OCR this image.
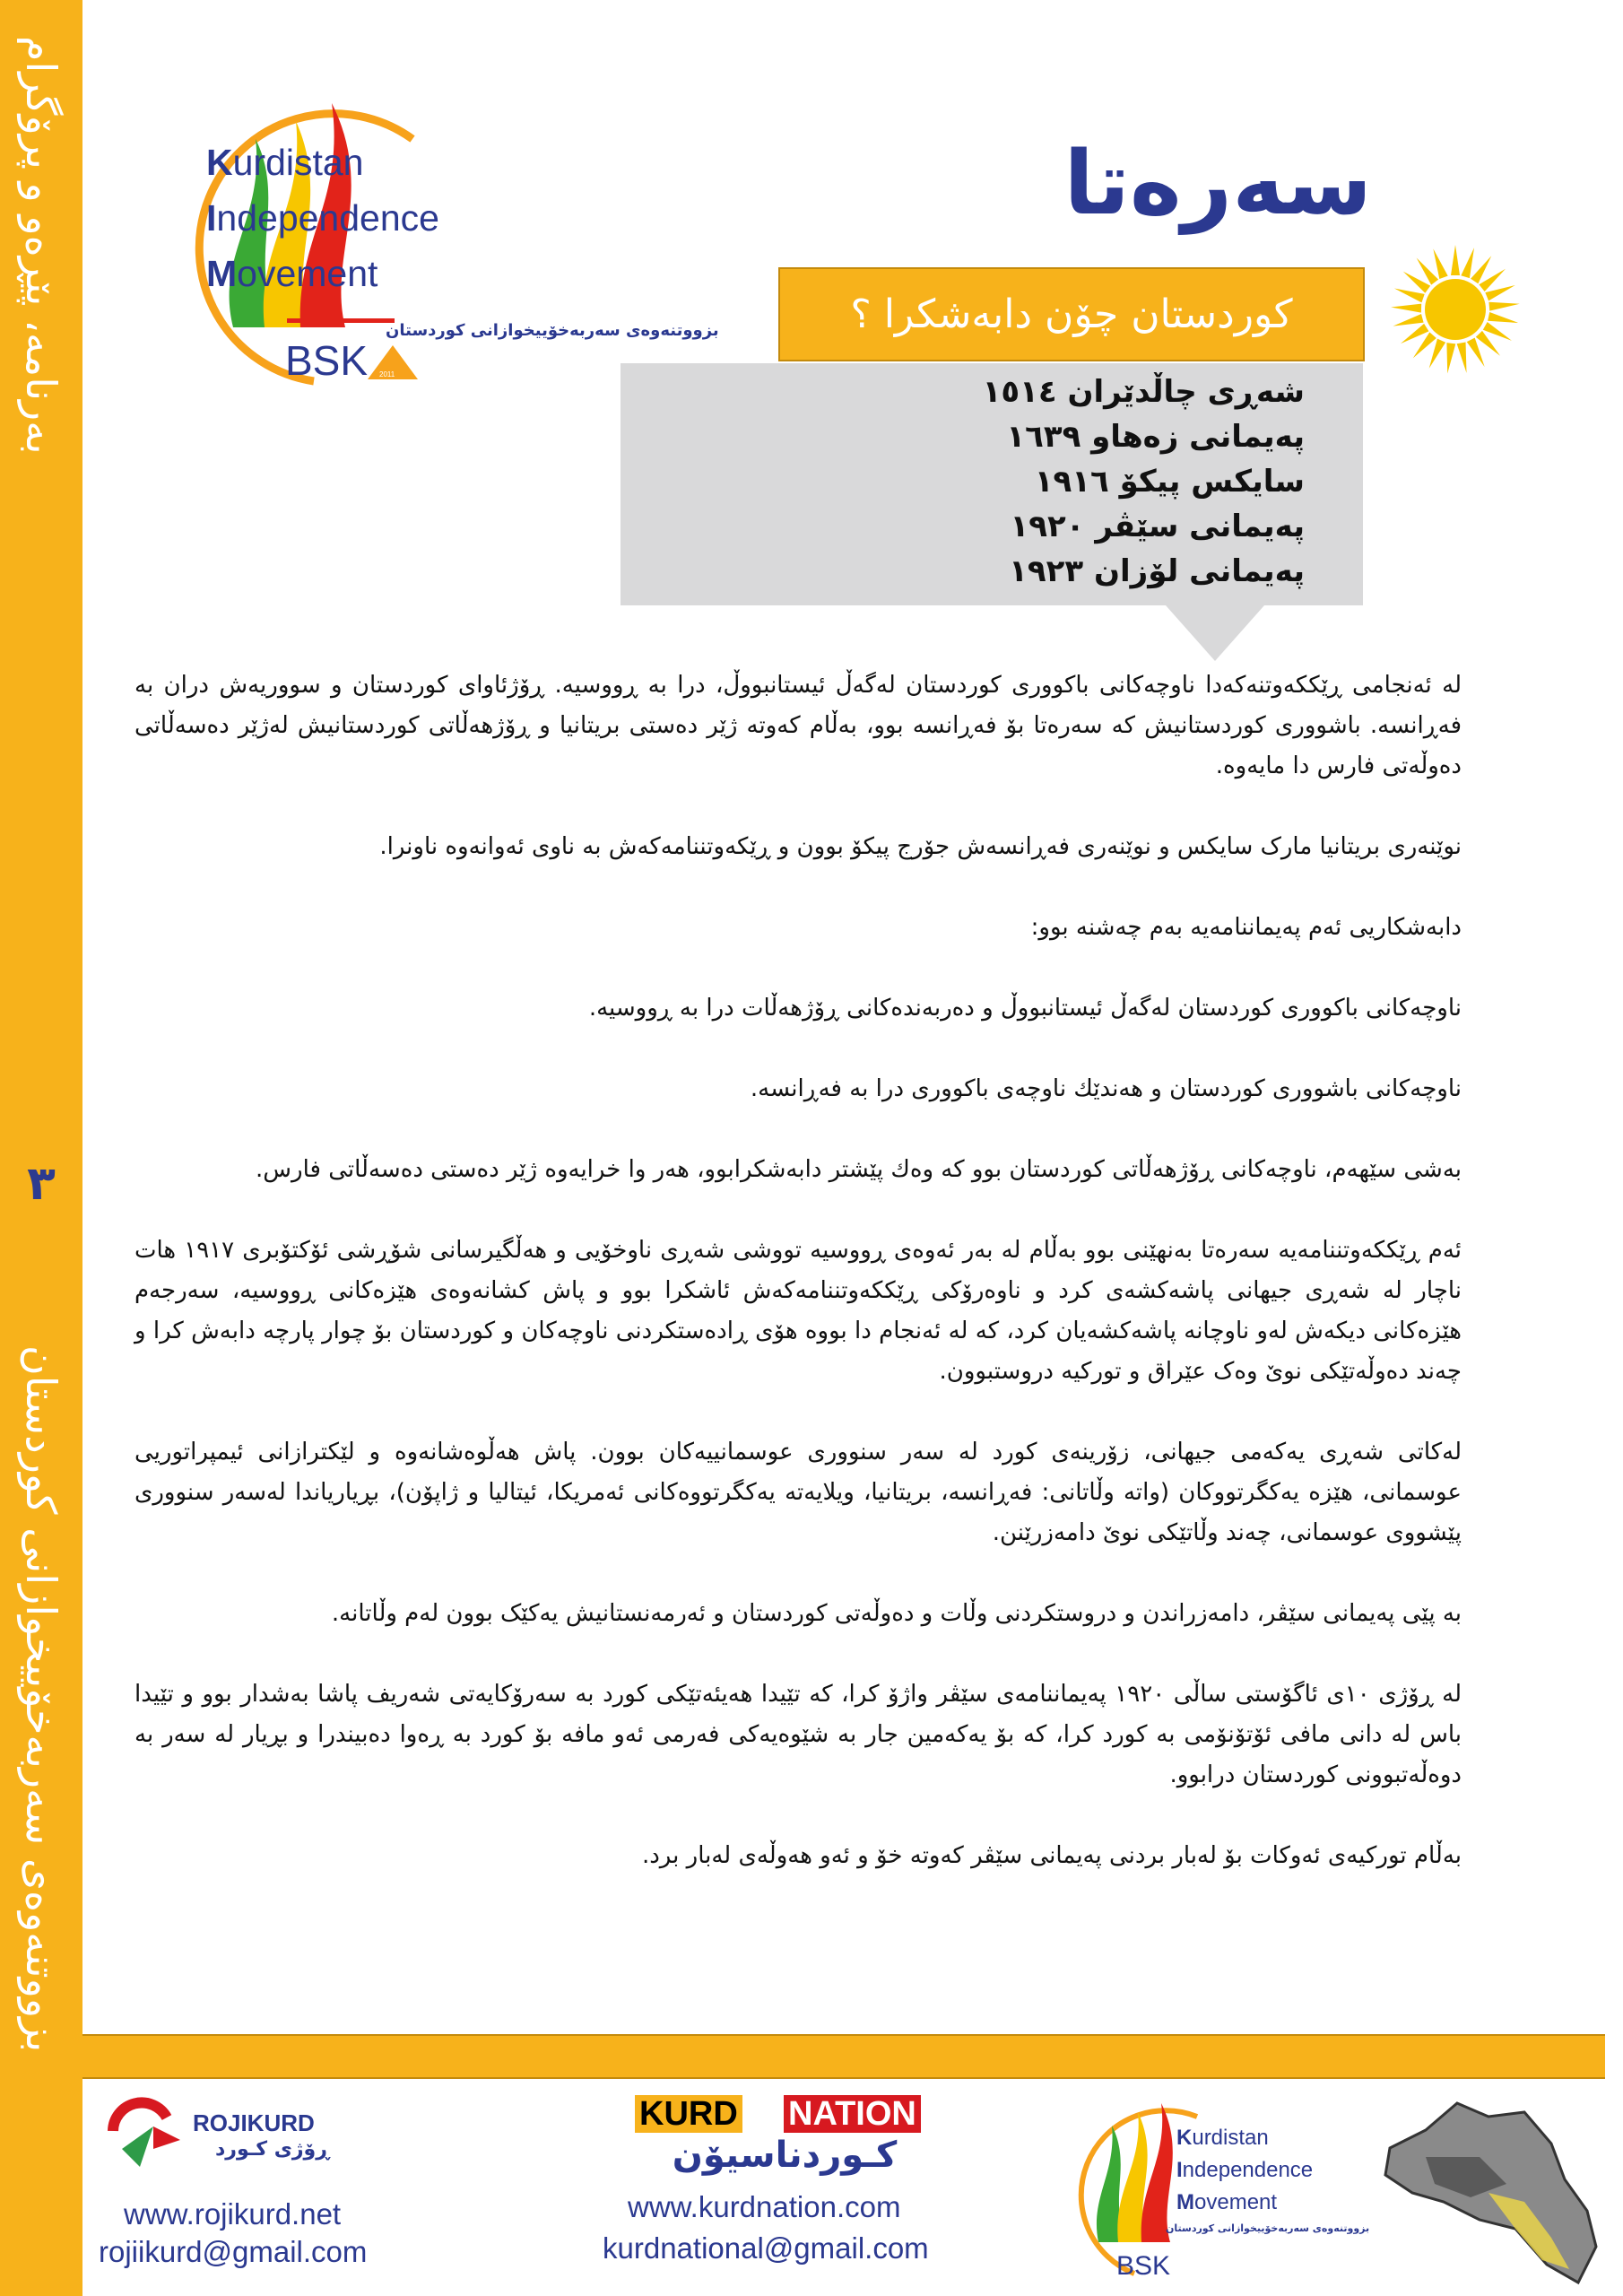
بەرنامە، پێڕەو و پرۆگرام
٣
بزووتنەوەی سەربەخۆییخوازانی کوردستان
BSK 2011
Kurdistan
Independence
Movement
بزووتنەوەی سەربەخۆییخوازانی کوردستان
سەرەتا
کوردستان چۆن دابەشکرا ؟
شەڕی چاڵدێران ١٥١٤
پەیمانی زەهاو ١٦٣٩
سایکس پیکۆ ١٩١٦
پەیمانی سێڤر ١٩٢٠
پەیمانی لۆزان ١٩٢٣

لە ئەنجامی ڕێککەوتنەکەدا ناوچەکانی باکووری کوردستان لەگەڵ ئیستانبووڵ، درا بە ڕووسیە. ڕۆژئاوای کوردستان و سووریەش دران بە فەڕانسە. باشووری کوردستانیش کە سەرەتا بۆ فەڕانسە بوو، بەڵام کەوتە ژێر دەستی بریتانیا و ڕۆژهەڵاتی کوردستانیش لەژێر دەسەڵاتی دەوڵەتی فارس دا مایەوە.

نوێنەری بریتانیا مارک سایکس و نوێنەری فەڕانسەش جۆرج پیکۆ بوون و ڕێکەوتننامەکەش بە ناوی ئەوانەوە ناونرا.

دابەشکاریی ئەم پەیماننامەیە بەم چەشنە بوو:

ناوچەکانی باکووری کوردستان لەگەڵ ئیستانبووڵ و دەربەندەکانی ڕۆژهەڵات درا بە ڕووسیە.

ناوچەکانی باشووری کوردستان و هەندێك ناوچەی باکووری درا بە فەڕانسە.

بەشی سێهەم، ناوچەکانی ڕۆژهەڵاتی کوردستان بوو کە وەك پێشتر دابەشکرابوو، هەر وا خرایەوە ژێر دەستی دەسەڵاتی فارس.

ئەم ڕێککەوتننامەیە سەرەتا بەنهێنی بوو بەڵام لە بەر ئەوەی ڕووسیە تووشی شەڕی ناوخۆیی و هەڵگیرسانی شۆڕشی ئۆکتۆبری ١٩١٧ هات ناچار لە شەڕی جیهانی پاشەکشەی کرد و ناوەرۆکی ڕێککەوتننامەکەش ئاشکرا بوو و پاش کشانەوەی هێزەکانی ڕووسیە، سەرجەم هێزەکانی دیکەش لەو ناوچانە پاشەکشەیان کرد، کە لە ئەنجام دا بووە هۆی ڕادەستکردنی ناوچەکان و کوردستان بۆ چوار پارچە دابەش کرا و چەند دەوڵەتێکی نوێ وەک عێراق و تورکیە دروستبوون.

لەکاتی شەڕی یەکەمی جیهانی، زۆرینەی کورد لە سەر سنووری عوسمانییەکان بوون. پاش هەڵوەشانەوە و لێکترازانی ئیمپراتوریی عوسمانی، هێزە یەکگرتووکان (واتە وڵاتانی: فەڕانسە، بریتانیا، ویلایەتە یەکگرتووەکانی ئەمریکا، ئیتالیا و ژاپۆن)، بڕیاریاندا لەسەر سنووری پێشووی عوسمانی، چەند وڵاتێکی نوێ دامەزرێنن.

بە پێی پەیمانی سێڤر، دامەزراندن و دروستکردنی وڵات و دەوڵەتی کوردستان و ئەرمەنستانیش یەکێک بوون لەم وڵاتانە.

لە ڕۆژی ١٠ی ئاگۆستی ساڵی ١٩٢٠ پەیماننامەی سێڤر واژۆ کرا، کە تێیدا هەیئەتێکی کورد بە سەرۆکایەتی شەریف پاشا بەشدار بوو و تێیدا باس لە دانی مافی ئۆتۆنۆمی بە کورد کرا، کە بۆ یەکەمین جار بە شێوەیەکی فەرمی ئەو مافە بۆ کورد بە ڕەوا دەبیندرا و بڕیار لە سەر بە دوەڵەتبوونی کوردستان درابوو.

بەڵام تورکیەی ئەوکات بۆ لەبار بردنی پەیمانی سێڤر کەوتە خۆ و ئەو هەوڵەی لەبار برد.

ROJIKURD
ڕۆژی کـورد
www.rojikurd.net
rojiikurd@gmail.com
KURD NATION
کـوردناسیۆن
www.kurdnation.com
kurdnational@gmail.com
BSK
Kurdistan
Independence
Movement
بزووتنەوەی سەربەخۆییخوازانی کوردستان
